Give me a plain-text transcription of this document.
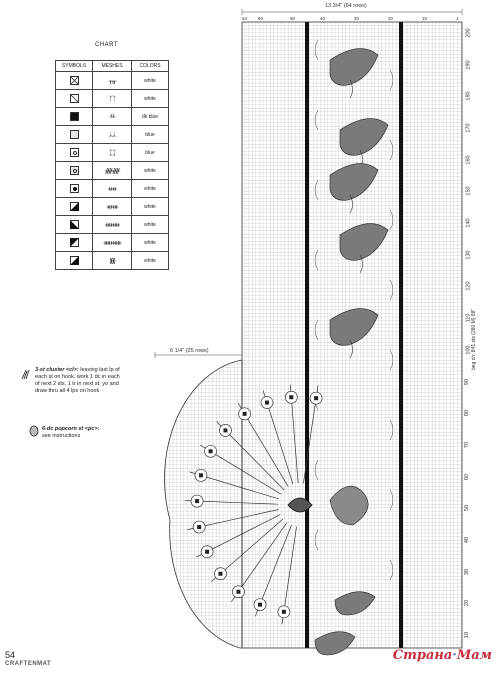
CHART
SYMBOLS	MESHES	COLORS

	ᚁᚂ	white

	ᛉᛏ	white
	ᚆᚆ	dk blue
	ᛦᛦ	blue

	ᛨᛨ	blue

	ᚎᚎ	white

	ᚑᚑ	white

	ᚒᚒ	white

	ᚓᚓ	white

	ᚔᚔ	white

	ᚕᚕ	white
3-st cluster <cl>: leaving last lp of each st on hook, work 1 dc in each of next 2 sts, 1 tr in next st, yo and draw thru all 4 lps on hook
6-dc popcorn st <pc>:
see instructions
13 3/4" (64 rows)
6 1/4" (25 rows)	beg ch: 841 sts (280 M) 88"
10
20
30
40
50
60
70
80
90
100
110
120
130
140
150
160
170
180
190
200
64 60	50	40	30	20	10	1
54
CRAFTENMAT
Страна·Мам
